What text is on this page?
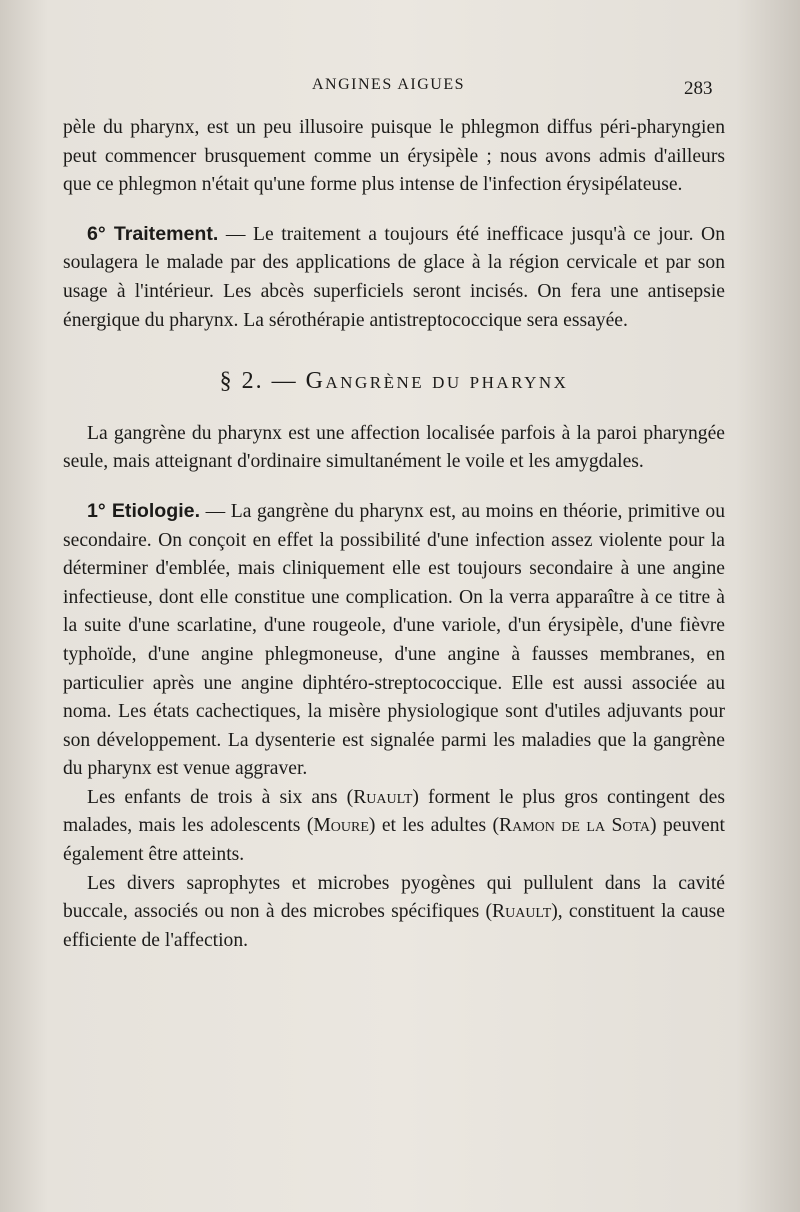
ANGINES AIGUES	283

pèle du pharynx, est un peu illusoire puisque le phlegmon diffus péri-pharyngien peut commencer brusquement comme un érysipèle ; nous avons admis d'ailleurs que ce phlegmon n'était qu'une forme plus intense de l'infection érysipélateuse.

6° Traitement. — Le traitement a toujours été inefficace jusqu'à ce jour. On soulagera le malade par des applications de glace à la région cervicale et par son usage à l'intérieur. Les abcès superficiels seront incisés. On fera une antisepsie énergique du pharynx. La sérothérapie antistreptococcique sera essayée.

§ 2. — Gangrène du pharynx

La gangrène du pharynx est une affection localisée parfois à la paroi pharyngée seule, mais atteignant d'ordinaire simultanément le voile et les amygdales.

1° Etiologie. — La gangrène du pharynx est, au moins en théorie, primitive ou secondaire. On conçoit en effet la possibilité d'une infection assez violente pour la déterminer d'emblée, mais cliniquement elle est toujours secondaire à une angine infectieuse, dont elle constitue une complication. On la verra apparaître à ce titre à la suite d'une scarlatine, d'une rougeole, d'une variole, d'un érysipèle, d'une fièvre typhoïde, d'une angine phlegmoneuse, d'une angine à fausses membranes, en particulier après une angine diphtéro-streptococcique. Elle est aussi associée au noma. Les états cachectiques, la misère physiologique sont d'utiles adjuvants pour son développement. La dysenterie est signalée parmi les maladies que la gangrène du pharynx est venue aggraver.

Les enfants de trois à six ans (Ruault) forment le plus gros contingent des malades, mais les adolescents (Moure) et les adultes (Ramon de la Sota) peuvent également être atteints.

Les divers saprophytes et microbes pyogènes qui pullulent dans la cavité buccale, associés ou non à des microbes spécifiques (Ruault), constituent la cause efficiente de l'affection.
